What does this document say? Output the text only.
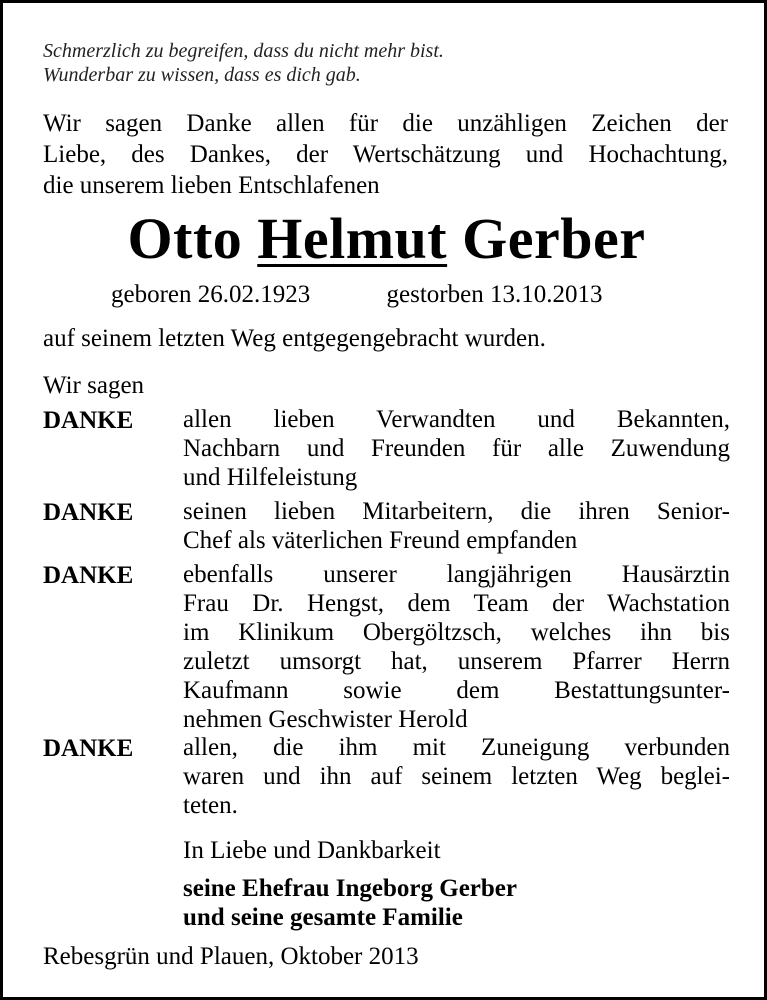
Schmerzlich zu begreifen, dass du nicht mehr bist.
Wunderbar zu wissen, dass es dich gab.
Wir sagen Danke allen für die unzähligen Zeichen der
Liebe, des Dankes, der Wertschätzung und Hochachtung,
die unserem lieben Entschlafenen
Otto Helmut Gerber
geboren 26.02.1923	gestorben 13.10.2013
auf seinem letzten Weg entgegengebracht wurden.
Wir sagen
DANKE allen lieben Verwandten und Bekannten,
Nachbarn und Freunden für alle Zuwendung
und Hilfeleistung
DANKE seinen lieben Mitarbeitern, die ihren Senior-
Chef als väterlichen Freund empfanden
DANKE ebenfalls unserer langjährigen Hausärztin
Frau Dr. Hengst, dem Team der Wachstation
im Klinikum Obergöltzsch, welches ihn bis
zuletzt umsorgt hat, unserem Pfarrer Herrn
Kaufmann sowie dem Bestattungsunter-
nehmen Geschwister Herold
DANKE allen, die ihm mit Zuneigung verbunden
waren und ihn auf seinem letzten Weg beglei-
teten.
In Liebe und Dankbarkeit
seine Ehefrau Ingeborg Gerber
und seine gesamte Familie
Rebesgrün und Plauen, Oktober 2013
